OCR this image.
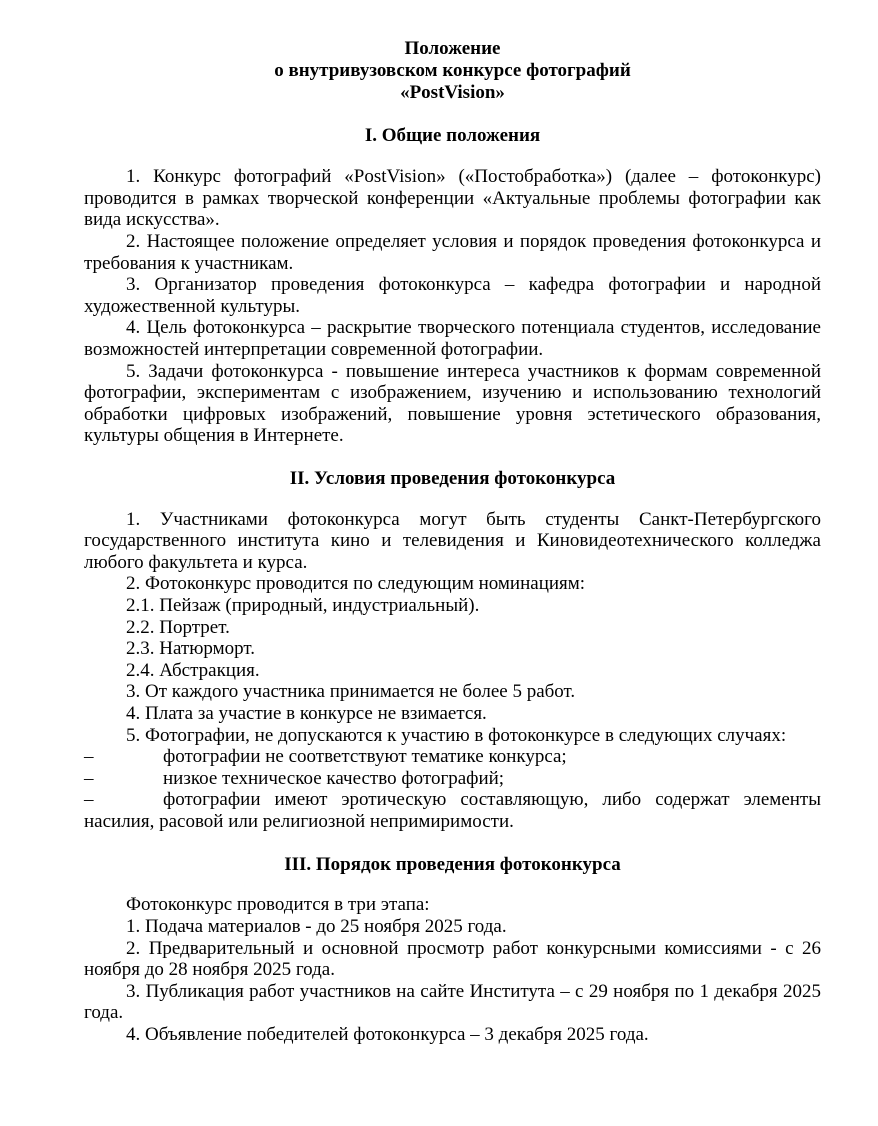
Положение
о внутривузовском конкурсе фотографий
«PostVision»
I. Общие положения

1. Конкурс фотографий «PostVision» («Постобработка») (далее – фотоконкурс) проводится в рамках творческой конференции «Актуальные проблемы фотографии как вида искусства».

2. Настоящее положение определяет условия и порядок проведения фотоконкурса и требования к участникам.

3. Организатор проведения фотоконкурса – кафедра фотографии и народной художественной культуры.

4. Цель фотоконкурса – раскрытие творческого потенциала студентов, исследование возможностей интерпретации современной фотографии.

5. Задачи фотоконкурса - повышение интереса участников к формам современной фотографии, экспериментам с изображением, изучению и использованию технологий обработки цифровых изображений, повышение уровня эстетического образования, культуры общения в Интернете.

II. Условия проведения фотоконкурса

1. Участниками фотоконкурса могут быть студенты Санкт-Петербургского государственного института кино и телевидения и Киновидеотехнического колледжа любого факультета и курса.

2. Фотоконкурс проводится по следующим номинациям:

2.1. Пейзаж (природный, индустриальный).

2.2. Портрет.

2.3. Натюрморт.

2.4. Абстракция.

3. От каждого участника принимается не более 5 работ.

4. Плата за участие в конкурсе не взимается.

5. Фотографии, не допускаются к участию в фотоконкурсе в следующих случаях:

–	фотографии не соответствуют тематике конкурса;

–	низкое техническое качество фотографий;

–	фотографии имеют эротическую составляющую, либо содержат элементы насилия, расовой или религиозной непримиримости.

III. Порядок проведения фотоконкурса

Фотоконкурс проводится в три этапа:

1. Подача материалов - до 25 ноября 2025 года.

2. Предварительный и основной просмотр работ конкурсными комиссиями - с 26 ноября до 28 ноября 2025 года.

3. Публикация работ участников на сайте Института – с 29 ноября по 1 декабря 2025 года.

4. Объявление победителей фотоконкурса – 3 декабря 2025 года.
